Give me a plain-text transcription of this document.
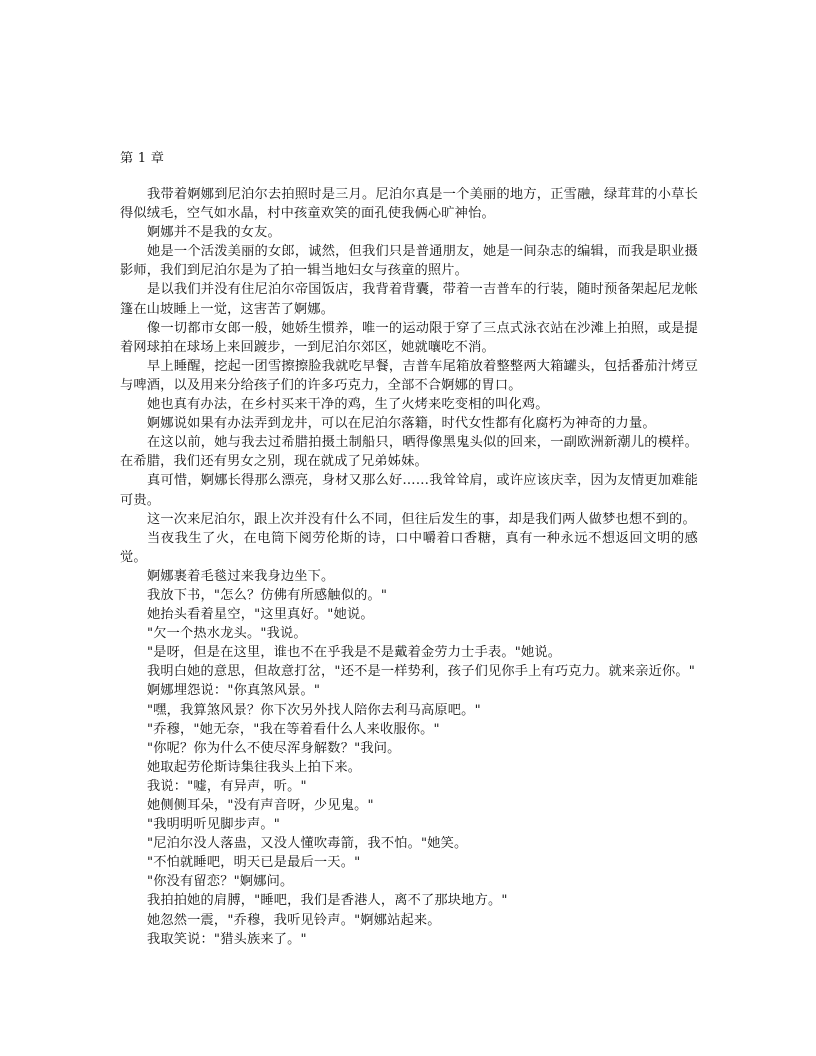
第 1 章

我带着婀娜到尼泊尔去拍照时是三月。尼泊尔真是一个美丽的地方，正雪融，绿茸茸的小草长得似绒毛，空气如水晶，村中孩童欢笑的面孔使我俩心旷神怡。

婀娜并不是我的女友。

她是一个活泼美丽的女郎，诚然，但我们只是普通朋友，她是一间杂志的编辑，而我是职业摄影师，我们到尼泊尔是为了拍一辑当地妇女与孩童的照片。

是以我们并没有住尼泊尔帝国饭店，我背着背囊，带着一吉普车的行装，随时预备架起尼龙帐篷在山坡睡上一觉，这害苦了婀娜。

像一切都市女郎一般，她娇生惯养，唯一的运动限于穿了三点式泳衣站在沙滩上拍照，或是提着网球拍在球场上来回踱步，一到尼泊尔郊区，她就嚷吃不消。

早上睡醒，挖起一团雪擦擦脸我就吃早餐，吉普车尾箱放着整整两大箱罐头，包括番茄汁烤豆与啤酒，以及用来分给孩子们的许多巧克力，全部不合婀娜的胃口。

她也真有办法，在乡村买来干净的鸡，生了火烤来吃变相的叫化鸡。

婀娜说如果有办法弄到龙井，可以在尼泊尔落籍，时代女性都有化腐朽为神奇的力量。

在这以前，她与我去过希腊拍摄土制船只，晒得像黑鬼头似的回来，一副欧洲新潮儿的模样。在希腊，我们还有男女之别，现在就成了兄弟姊妹。

真可惜，婀娜长得那么漂亮，身材又那么好……我耸耸肩，或许应该庆幸，因为友情更加难能可贵。

这一次来尼泊尔，跟上次并没有什么不同，但往后发生的事，却是我们两人做梦也想不到的。

当夜我生了火，在电筒下阅劳伦斯的诗，口中嚼着口香糖，真有一种永远不想返回文明的感觉。

婀娜裹着毛毯过来我身边坐下。

我放下书，"怎么？仿佛有所感触似的。"

她抬头看着星空，"这里真好。"她说。

"欠一个热水龙头。"我说。

"是呀，但是在这里，谁也不在乎我是不是戴着金劳力士手表。"她说。

我明白她的意思，但故意打岔，"还不是一样势利，孩子们见你手上有巧克力。就来亲近你。"

婀娜埋怨说："你真煞风景。"

"嘿，我算煞风景？你下次另外找人陪你去利马高原吧。"

"乔穆，"她无奈，"我在等着看什么人来收服你。"

"你呢？你为什么不使尽浑身解数？"我问。

她取起劳伦斯诗集往我头上拍下来。

我说："嘘，有异声，听。"

她侧侧耳朵，"没有声音呀，少见鬼。"

"我明明听见脚步声。"

"尼泊尔没人落蛊，又没人懂吹毒箭，我不怕。"她笑。

"不怕就睡吧，明天已是最后一天。"

"你没有留恋？"婀娜问。

我拍拍她的肩膊，"睡吧，我们是香港人，离不了那块地方。"

她忽然一震，"乔穆，我听见铃声。"婀娜站起来。

我取笑说："猎头族来了。"
